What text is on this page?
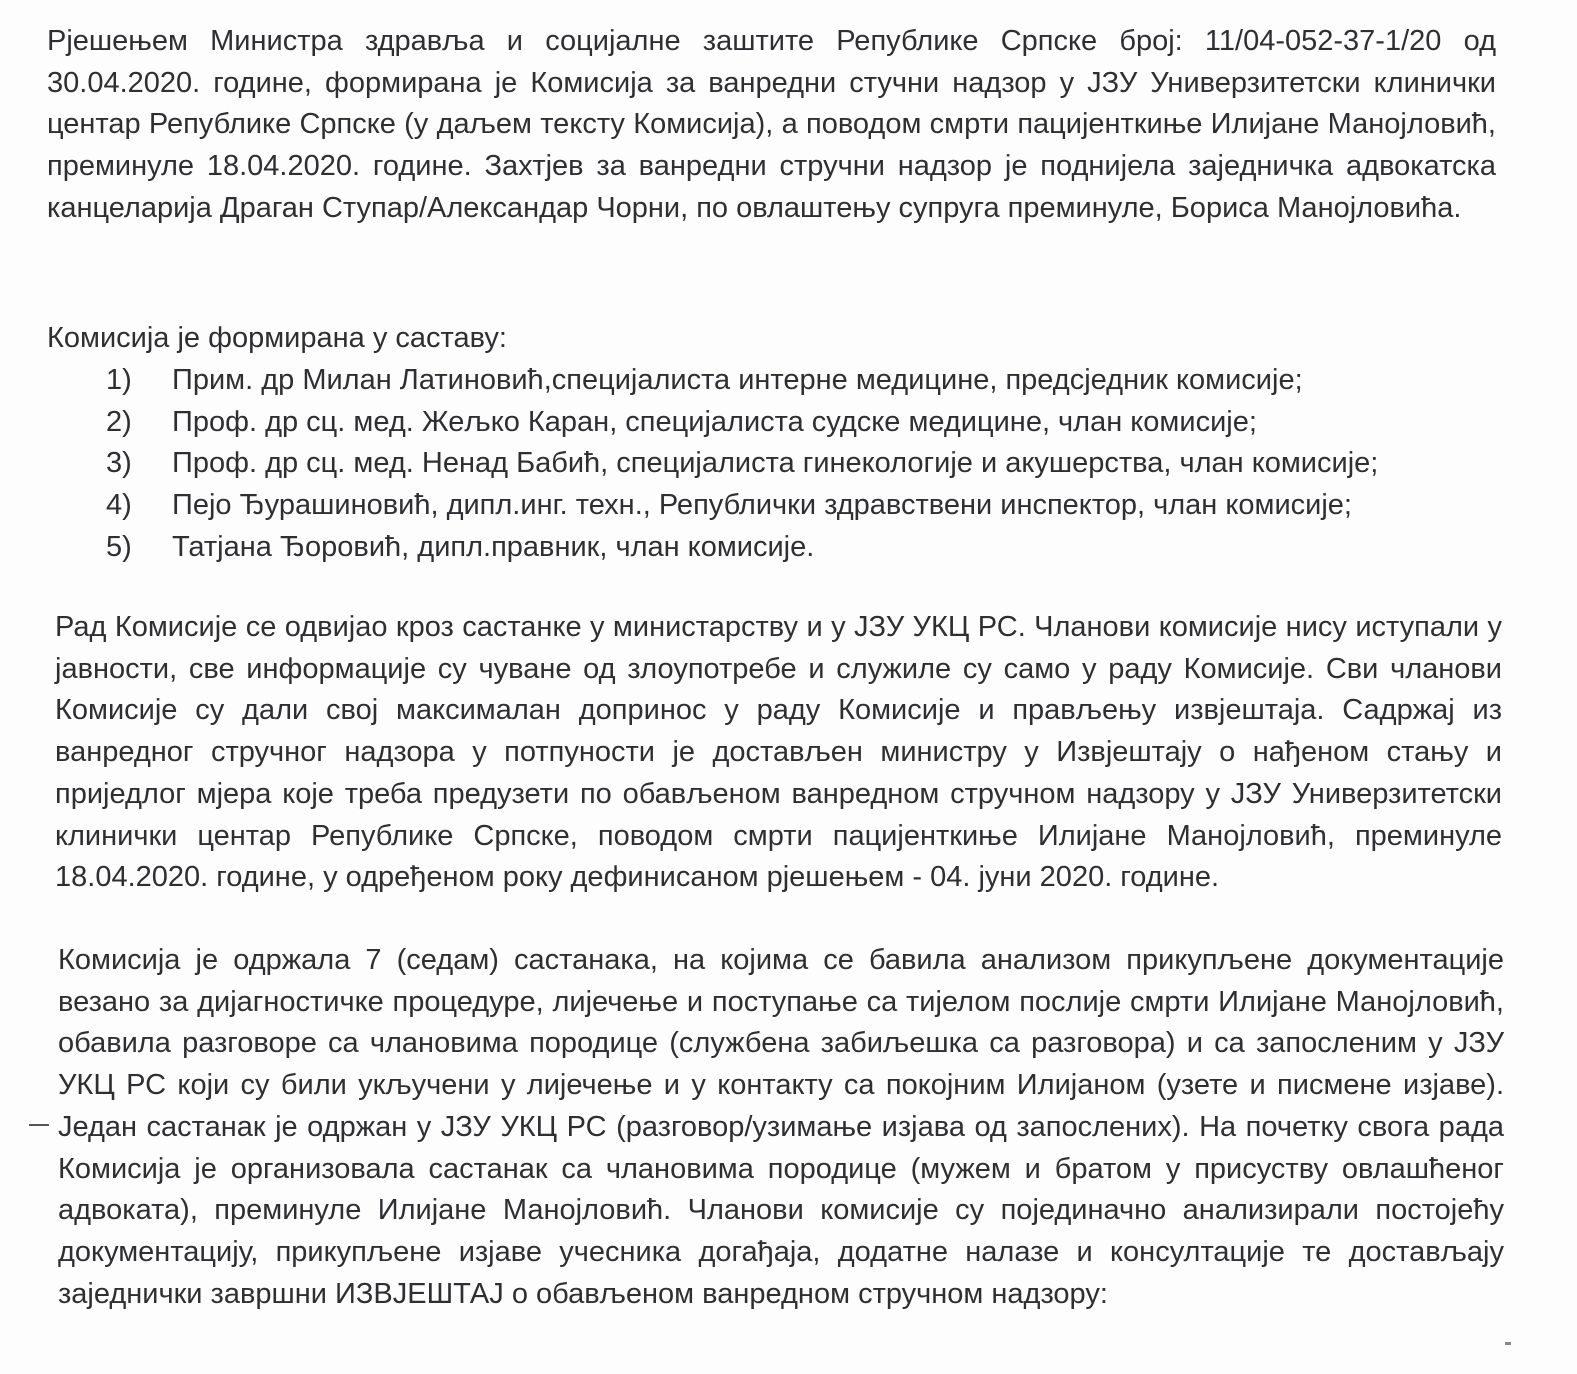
Рјешењем Министра здравља и социјалне заштите Републике Српске број: 11/04-052-37-1/20 од 30.04.2020. године, формирана је Комисија за ванредни стучни надзор у ЈЗУ Универзитетски клинички центар Републике Српске (у даљем тексту Комисија), а поводом смрти пацијенткиње Илијане Манојловић, преминуле 18.04.2020. године. Захтјев за ванредни стручни надзор је поднијела заједничка адвокатска канцеларија Драган Ступар/Александар Чорни, по овлаштењу супруга преминуле, Бориса Манојловића.

Комисија је формирана у саставу:

1)	Прим. др Милан Латиновић,специјалиста интерне медицине, предсједник комисије;
2)	Проф. др сц. мед. Жељко Каран, специјалиста судске медицине, члан комисије;
3)	Проф. др сц. мед. Ненад Бабић, специјалиста гинекологије и акушерства, члан комисије;
4)	Пејо Ђурашиновић, дипл.инг. техн., Републички здравствени инспектор, члан комисије;
5)	Татјана Ђоровић, дипл.правник, члан комисије.

Рад Комисије се одвијао кроз састанке у министарству и у ЈЗУ УКЦ РС. Чланови комисије нису иступали у јавности, све информације су чуване од злоупотребе и служиле су само у раду Комисије. Сви чланови Комисије су дали свој максималан допринос у раду Комисије и прављењу извјештаја. Садржај из ванредног стручног надзора у потпуности је достављен министру у Извјештају о нађеном стању и приједлог мјера које треба предузети по обављеном ванредном стручном надзору у ЈЗУ Универзитетски клинички центар Републике Српске, поводом смрти пацијенткиње Илијане Манојловић, преминуле 18.04.2020. године, у одређеном року дефинисаном рјешењем - 04. јуни 2020. године.

Комисија је одржала 7 (седам) састанака, на којима се бавила анализом прикупљене документације везано за дијагностичке процедуре, лијечење и поступање са тијелом послије смрти Илијане Манојловић, обавила разговоре са члановима породице (службена забиљешка са разговора) и са запосленим у ЈЗУ УКЦ РС који су били укључени у лијечење и у контакту са покојним Илијаном (узете и писмене изјаве). Један састанак је одржан у ЈЗУ УКЦ РС (разговор/узимање изјава од запослених). На почетку свога рада Комисија је организовала састанак са члановима породице (мужем и братом у присуству овлашћеног адвоката), преминуле Илијане Манојловић. Чланови комисије су појединачно анализирали постојећу документацију, прикупљене изјаве учесника догађаја, додатне налазе и консултације те достављају заједнички завршни ИЗВЈЕШТАЈ о обављеном ванредном стручном надзору:
